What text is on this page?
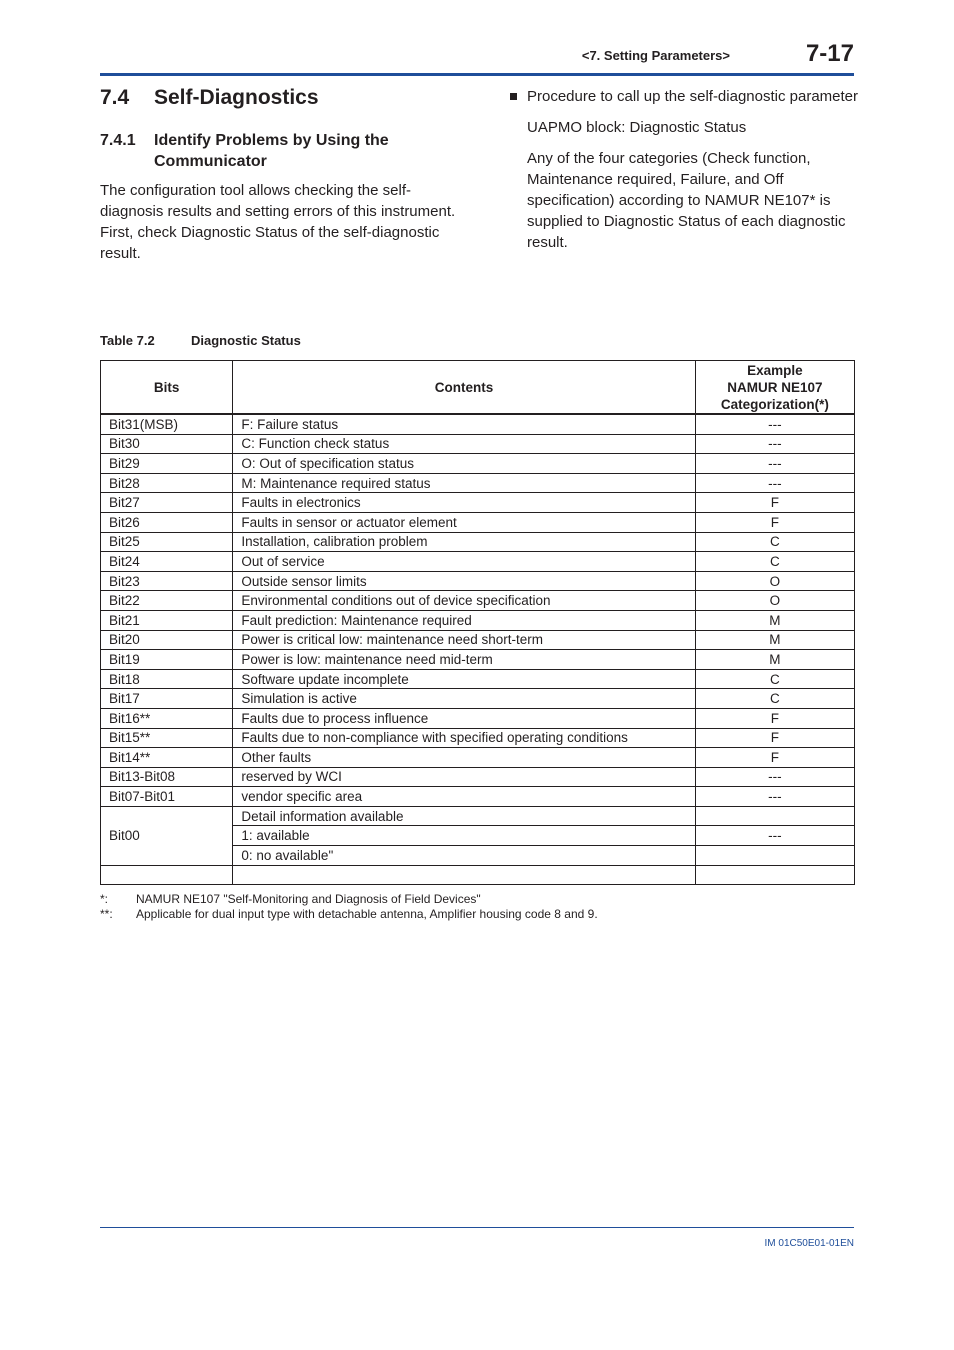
<7. Setting Parameters>	7-17
7.4 Self-Diagnostics
7.4.1 Identify Problems by Using the Communicator

The configuration tool allows checking the self-diagnosis results and setting errors of this instrument.

First, check Diagnostic Status of the self-diagnostic result.

Procedure to call up the self-diagnostic parameter

UAPMO block: Diagnostic Status

Any of the four categories (Check function, Maintenance required, Failure, and Off specification) according to NAMUR NE107* is supplied to Diagnostic Status of each diagnostic result.

Table 7.2	Diagnostic Status
Bits	Contents	Example
NAMUR NE107
Categorization(*)

Bit31(MSB)	F: Failure status	---
Bit30	C: Function check status	---
Bit29	O: Out of specification status	---
Bit28	M: Maintenance required status	---
Bit27	Faults in electronics	F
Bit26	Faults in sensor or actuator element	F
Bit25	Installation, calibration problem	C
Bit24	Out of service	C
Bit23	Outside sensor limits	O
Bit22	Environmental conditions out of device specification	O
Bit21	Fault prediction: Maintenance required	M
Bit20	Power is critical low: maintenance need short-term	M
Bit19	Power is low: maintenance need mid-term	M
Bit18	Software update incomplete	C
Bit17	Simulation is active	C
Bit16**	Faults due to process influence	F
Bit15**	Faults due to non-compliance with specified operating conditions	F
Bit14**	Other faults	F
Bit13-Bit08	reserved by WCI	---
Bit07-Bit01	vendor specific area	---
Bit00	Detail information available	
	1: available	---
	0: no available"	

*: NAMUR NE107 "Self-Monitoring and Diagnosis of Field Devices"
**: Applicable for dual input type with detachable antenna, Amplifier housing code 8 and 9.
IM 01C50E01-01EN
